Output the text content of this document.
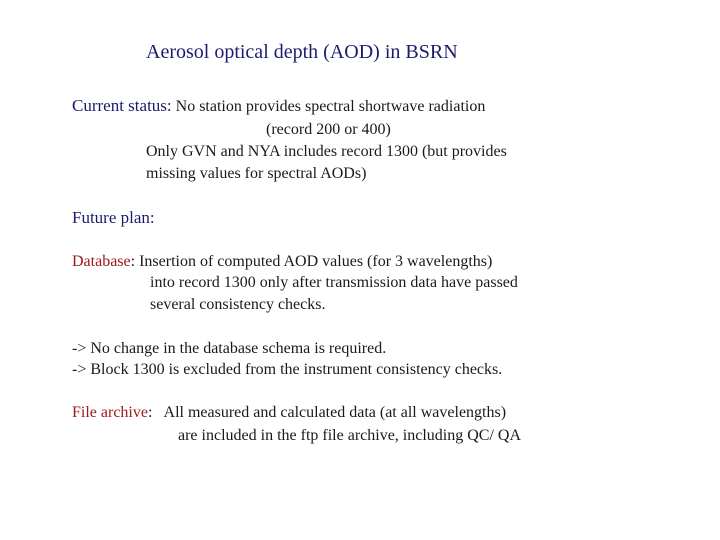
Aerosol optical depth (AOD) in BSRN
Current status: No station provides spectral shortwave radiation
(record 200 or 400)
Only GVN and NYA includes record 1300 (but provides
missing values for spectral AODs)
Future plan:
Database: Insertion of computed AOD values (for 3 wavelengths)
into record 1300 only after transmission data have passed
several consistency checks.
-> No change in the database schema is required.
-> Block 1300 is excluded from the instrument consistency checks.
File archive:   All measured and calculated data (at all wavelengths)
are included in the ftp file archive, including QC/ QA
